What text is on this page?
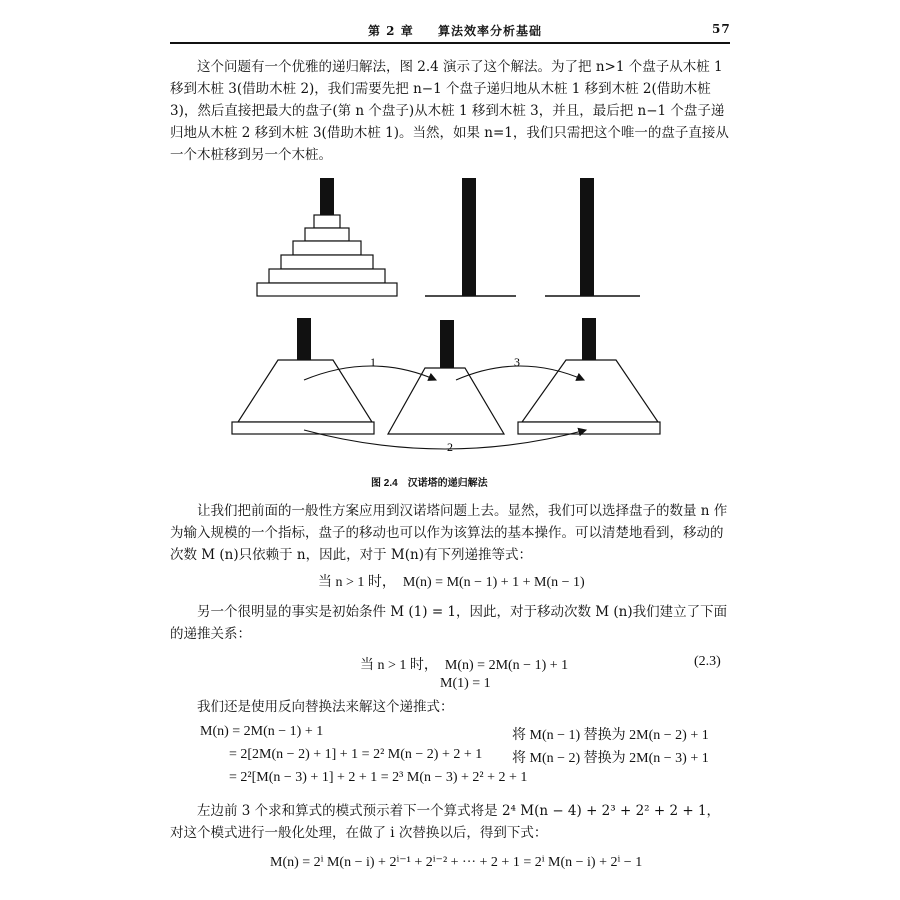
第 2 章 算法效率分析基础	57

这个问题有一个优雅的递归解法，图 2.4 演示了这个解法。为了把 n>1 个盘子从木桩 1 移到木桩 3(借助木桩 2)，我们需要先把 n−1 个盘子递归地从木桩 1 移到木桩 2(借助木桩 3)，然后直接把最大的盘子(第 n 个盘子)从木桩 1 移到木桩 3，并且，最后把 n−1 个盘子递归地从木桩 2 移到木桩 3(借助木桩 1)。当然，如果 n=1，我们只需把这个唯一的盘子直接从一个木桩移到另一个木桩。

1
2
3
图 2.4　汉诺塔的递归解法

让我们把前面的一般性方案应用到汉诺塔问题上去。显然，我们可以选择盘子的数量 n 作为输入规模的一个指标，盘子的移动也可以作为该算法的基本操作。可以清楚地看到，移动的次数 M (n)只依赖于 n，因此，对于 M(n)有下列递推等式：

当 n > 1 时，　M(n) = M(n − 1) + 1 + M(n − 1)

另一个很明显的事实是初始条件 M (1) = 1，因此，对于移动次数 M (n)我们建立了下面的递推关系：

当 n > 1 时，　M(n) = 2M(n − 1) + 1
M(1) = 1
(2.3)

我们还是使用反向替换法来解这个递推式：

M(n) = 2M(n − 1) + 1	将 M(n − 1) 替换为 2M(n − 2) + 1
= 2[2M(n − 2) + 1] + 1 = 2² M(n − 2) + 2 + 1 将 M(n − 2) 替换为 2M(n − 3) + 1
= 2²[M(n − 3) + 1] + 2 + 1 = 2³ M(n − 3) + 2² + 2 + 1

左边前 3 个求和算式的模式预示着下一个算式将是 2⁴ M(n − 4) + 2³ + 2² + 2 + 1，对这个模式进行一般化处理，在做了 i 次替换以后，得到下式：

M(n) = 2ⁱ M(n − i) + 2ⁱ⁻¹ + 2ⁱ⁻² + ··· + 2 + 1 = 2ⁱ M(n − i) + 2ⁱ − 1
